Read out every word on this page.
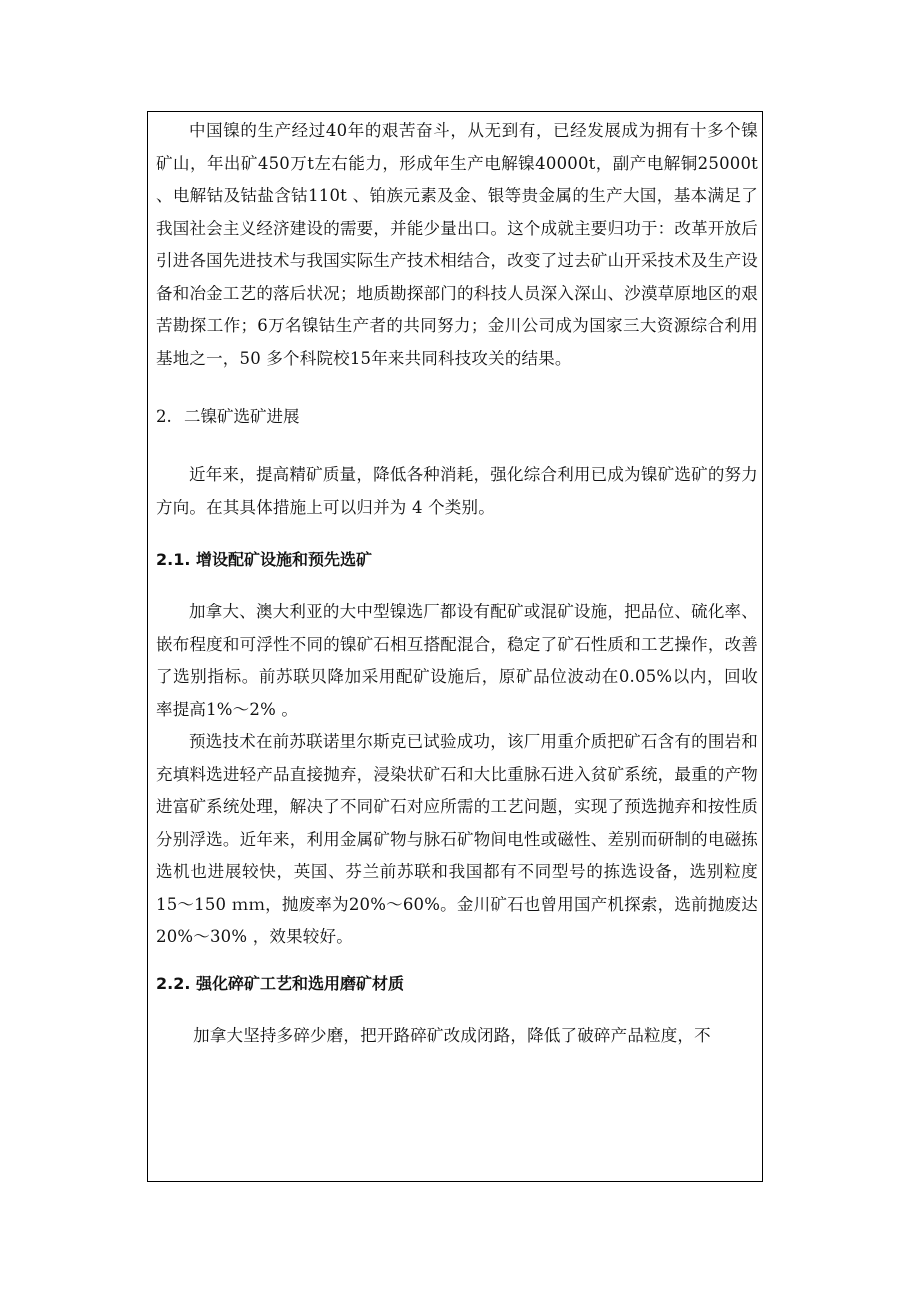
中国镍的生产经过40年的艰苦奋斗，从无到有，已经发展成为拥有十多个镍矿山，年出矿450万t左右能力，形成年生产电解镍40000t，副产电解铜25000t 、电解钴及钴盐含钴110t 、铂族元素及金、银等贵金属的生产大国，基本满足了我国社会主义经济建设的需要，并能少量出口。这个成就主要归功于：改革开放后引进各国先进技术与我国实际生产技术相结合，改变了过去矿山开采技术及生产设备和冶金工艺的落后状况；地质勘探部门的科技人员深入深山、沙漠草原地区的艰苦勘探工作；6万名镍钴生产者的共同努力；金川公司成为国家三大资源综合利用基地之一，50 多个科院校15年来共同科技攻关的结果。

2. 二镍矿选矿进展

近年来，提高精矿质量，降低各种消耗，强化综合利用已成为镍矿选矿的努力方向。在其具体措施上可以归并为 4 个类别。

2.1. 增设配矿设施和预先选矿

加拿大、澳大利亚的大中型镍选厂都设有配矿或混矿设施，把品位、硫化率、嵌布程度和可浮性不同的镍矿石相互搭配混合，稳定了矿石性质和工艺操作，改善了选别指标。前苏联贝降加采用配矿设施后，原矿品位波动在0.05%以内，回收率提高1%～2% 。

预选技术在前苏联诺里尔斯克已试验成功，该厂用重介质把矿石含有的围岩和充填料选进轻产品直接抛弃，浸染状矿石和大比重脉石进入贫矿系统，最重的产物进富矿系统处理，解决了不同矿石对应所需的工艺问题，实现了预选抛弃和按性质分别浮选。近年来，利用金属矿物与脉石矿物间电性或磁性、差别而研制的电磁拣选机也进展较快，英国、芬兰前苏联和我国都有不同型号的拣选设备，选别粒度15～150 ｍｍ，抛废率为20%～60%。金川矿石也曾用国产机探索，选前抛废达20%～30% ，效果较好。

2.2. 强化碎矿工艺和选用磨矿材质

加拿大坚持多碎少磨，把开路碎矿改成闭路，降低了破碎产品粒度，不
